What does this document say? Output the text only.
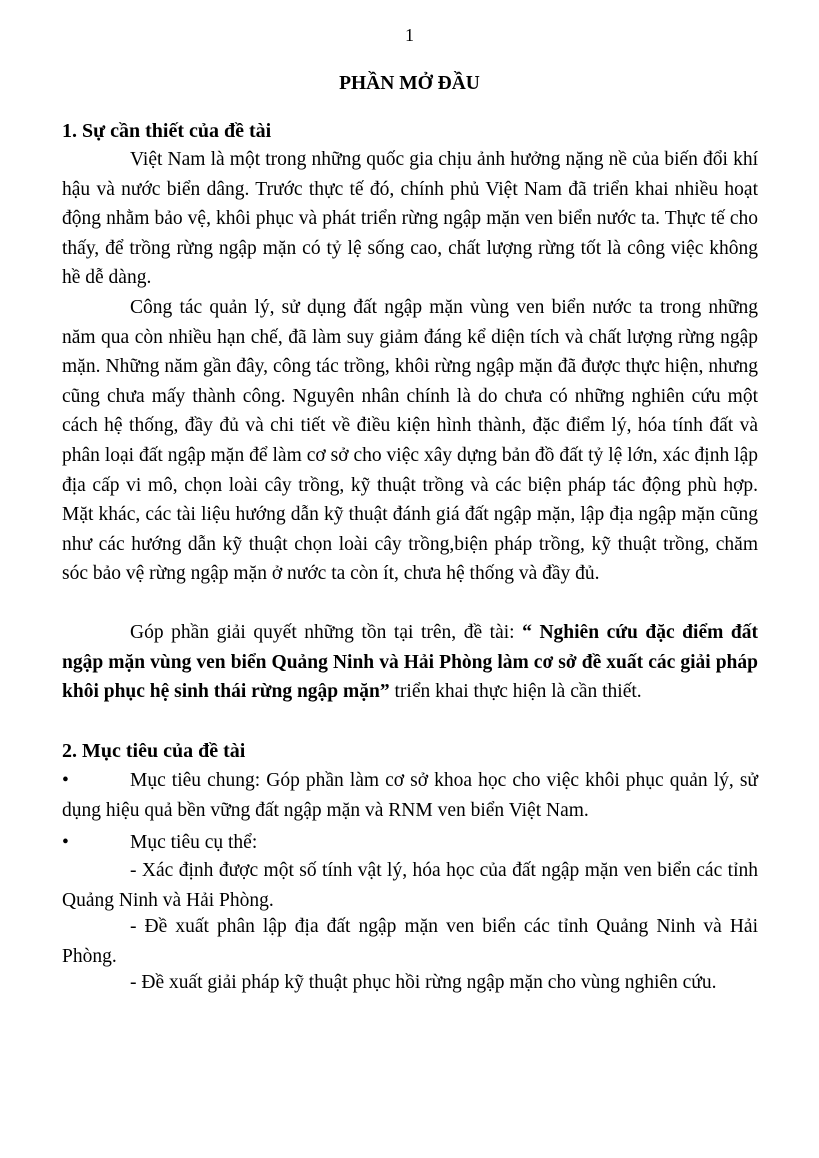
1
PHẦN MỞ ĐẦU
1. Sự cần thiết của đề tài
Việt Nam là một trong những quốc gia chịu ảnh hưởng nặng nề của biến đổi khí hậu và nước biển dâng. Trước thực tế đó, chính phủ Việt Nam đã triển khai nhiều hoạt động nhằm bảo vệ, khôi phục và phát triển rừng ngập mặn ven biển nước ta. Thực tế cho thấy, để trồng rừng ngập mặn có tỷ lệ sống cao, chất lượng rừng tốt là công việc không hề dễ dàng.
Công tác quản lý, sử dụng đất ngập mặn vùng ven biển nước ta trong những năm qua còn nhiều hạn chế, đã làm suy giảm đáng kể diện tích và chất lượng rừng ngập mặn. Những năm gần đây, công tác trồng, khôi rừng ngập mặn đã được thực hiện, nhưng cũng chưa mấy thành công. Nguyên nhân chính là do chưa có những nghiên cứu một cách hệ thống, đầy đủ và chi tiết về điều kiện hình thành, đặc điểm lý, hóa tính đất và phân loại đất ngập mặn để làm cơ sở cho việc xây dựng bản đồ đất tỷ lệ lớn, xác định lập địa cấp vi mô, chọn loài cây trồng, kỹ thuật trồng và các biện pháp tác động phù hợp. Mặt khác, các tài liệu hướng dẫn kỹ thuật đánh giá đất ngập mặn, lập địa ngập mặn cũng như các hướng dẫn kỹ thuật chọn loài cây trồng,biện pháp trồng, kỹ thuật trồng, chăm sóc bảo vệ rừng ngập mặn ở nước ta còn ít, chưa hệ thống và đầy đủ.
Góp phần giải quyết những tồn tại trên, đề tài: “ Nghiên cứu đặc điểm đất ngập mặn vùng ven biển Quảng Ninh và Hải Phòng làm cơ sở đề xuất các giải pháp khôi phục hệ sinh thái rừng ngập mặn” triển khai thực hiện là cần thiết.
2. Mục tiêu của đề tài
•	Mục tiêu chung: Góp phần làm cơ sở khoa học cho việc khôi phục quản lý, sử dụng hiệu quả bền vững đất ngập mặn và RNM ven biển Việt Nam.
•	Mục tiêu cụ thể:
- Xác định được một số tính vật lý, hóa học của đất ngập mặn ven biển các tỉnh Quảng Ninh và Hải Phòng.
- Đề xuất phân lập địa đất ngập mặn ven biển các tỉnh Quảng Ninh và Hải Phòng.
- Đề xuất giải pháp kỹ thuật phục hồi rừng ngập mặn cho vùng nghiên cứu.
